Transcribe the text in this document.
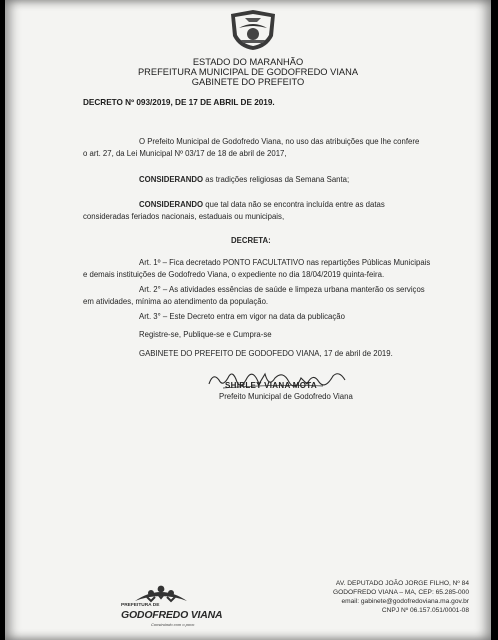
ESTADO DO MARANHÃO
PREFEITURA MUNICIPAL DE GODOFREDO VIANA
GABINETE DO PREFEITO
DECRETO Nº 093/2019, DE 17 DE ABRIL DE 2019.
O Prefeito Municipal de Godofredo Viana, no uso das atribuições que lhe confere
o art. 27, da Lei Municipal Nº 03/17 de 18 de abril de 2017,
CONSIDERANDO as tradições religiosas da Semana Santa;
CONSIDERANDO que tal data não se encontra incluída entre as datas
consideradas feriados nacionais, estaduais ou municipais,
DECRETA:
Art. 1º – Fica decretado PONTO FACULTATIVO nas repartições Públicas Municipais
e demais instituições de Godofredo Viana, o expediente no dia 18/04/2019 quinta-feira.
Art. 2° – As atividades essências de saúde e limpeza urbana manterão os serviços
em atividades, mínima ao atendimento da população.
Art. 3° – Este Decreto entra em vigor na data da publicação
Registre-se, Publique-se e Cumpra-se
GABINETE DO PREFEITO DE GODOFEDO VIANA, 17 de abril de 2019.
SHIRLEY VIANA MOTA
Prefeito Municipal de Godofredo Viana
PREFEITURA DE
GODOFREDO VIANA
Construindo com o povo
AV. DEPUTADO JOÃO JORGE FILHO, Nº 84
GODOFREDO VIANA – MA, CEP: 65.285-000
email: gabinete@godofredoviana.ma.gov.br
CNPJ Nº 06.157.051/0001-08
